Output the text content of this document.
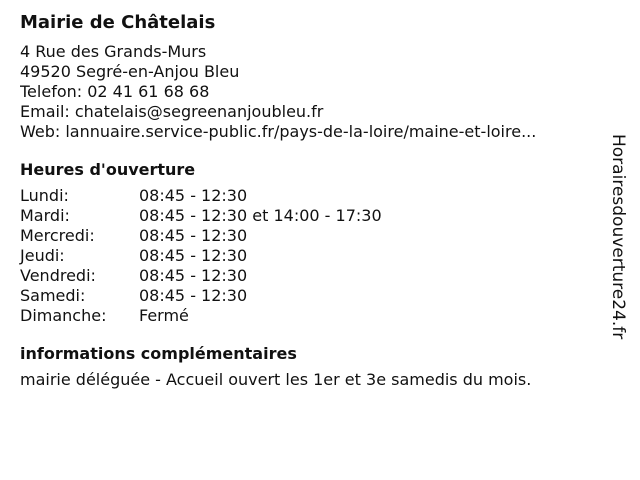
Mairie de Châtelais
4 Rue des Grands-Murs
49520 Segré-en-Anjou Bleu
Telefon: 02 41 61 68 68
Email: chatelais@segreenanjoubleu.fr
Web: lannuaire.service-public.fr/pays-de-la-loire/maine-et-loire...
Heures d'ouverture
Lundi:	08:45 - 12:30
Mardi:	08:45 - 12:30 et 14:00 - 17:30
Mercredi:	08:45 - 12:30
Jeudi:	08:45 - 12:30
Vendredi:	08:45 - 12:30
Samedi:	08:45 - 12:30
Dimanche:	Fermé
informations complémentaires
mairie déléguée - Accueil ouvert les 1er et 3e samedis du mois.
Horairesdouverture24.fr
